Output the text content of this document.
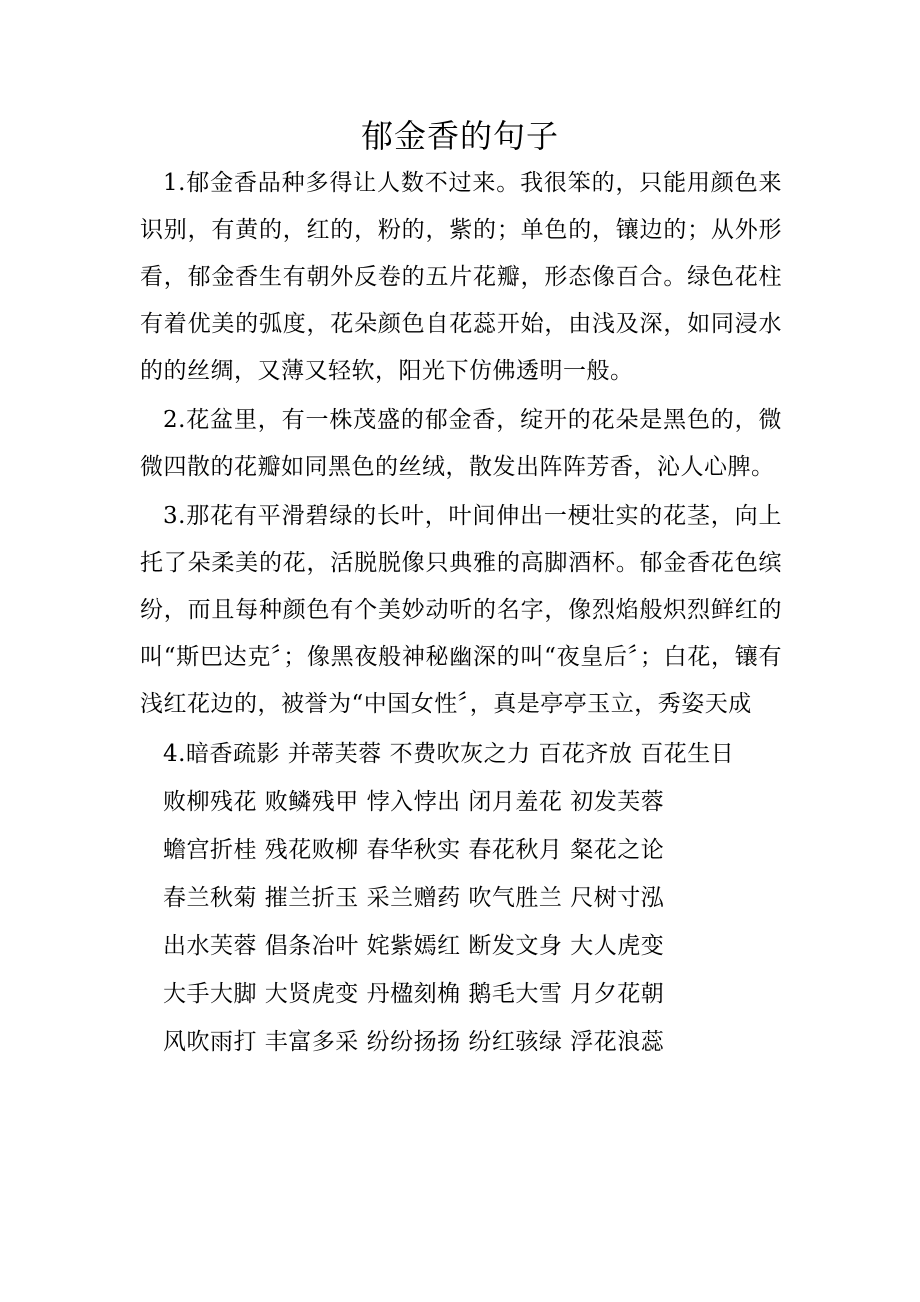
郁金香的句子

1.郁金香品种多得让人数不过来。我很笨的，只能用颜色来识别，有黄的，红的，粉的，紫的；单色的，镶边的；从外形看，郁金香生有朝外反卷的五片花瓣，形态像百合。绿色花柱有着优美的弧度，花朵颜色自花蕊开始，由浅及深，如同浸水的的丝绸，又薄又轻软，阳光下仿佛透明一般。

2.花盆里，有一株茂盛的郁金香，绽开的花朵是黑色的，微微四散的花瓣如同黑色的丝绒，散发出阵阵芳香，沁人心脾。

3.那花有平滑碧绿的长叶，叶间伸出一梗壮实的花茎，向上托了朵柔美的花，活脱脱像只典雅的高脚酒杯。郁金香花色缤纷，而且每种颜色有个美妙动听的名字，像烈焰般炽烈鲜红的叫“斯巴达克〞；像黑夜般神秘幽深的叫“夜皇后〞；白花，镶有浅红花边的，被誉为“中国女性〞，真是亭亭玉立，秀姿天成

4.暗香疏影 并蒂芙蓉 不费吹灰之力 百花齐放 百花生日
败柳残花 败鳞残甲 悖入悖出 闭月羞花 初发芙蓉
蟾宫折桂 残花败柳 春华秋实 春花秋月 粲花之论
春兰秋菊 摧兰折玉 采兰赠药 吹气胜兰 尺树寸泓
出水芙蓉 倡条冶叶 姹紫嫣红 断发文身 大人虎变
大手大脚 大贤虎变 丹楹刻桷 鹅毛大雪 月夕花朝
风吹雨打 丰富多采 纷纷扬扬 纷红骇绿 浮花浪蕊
